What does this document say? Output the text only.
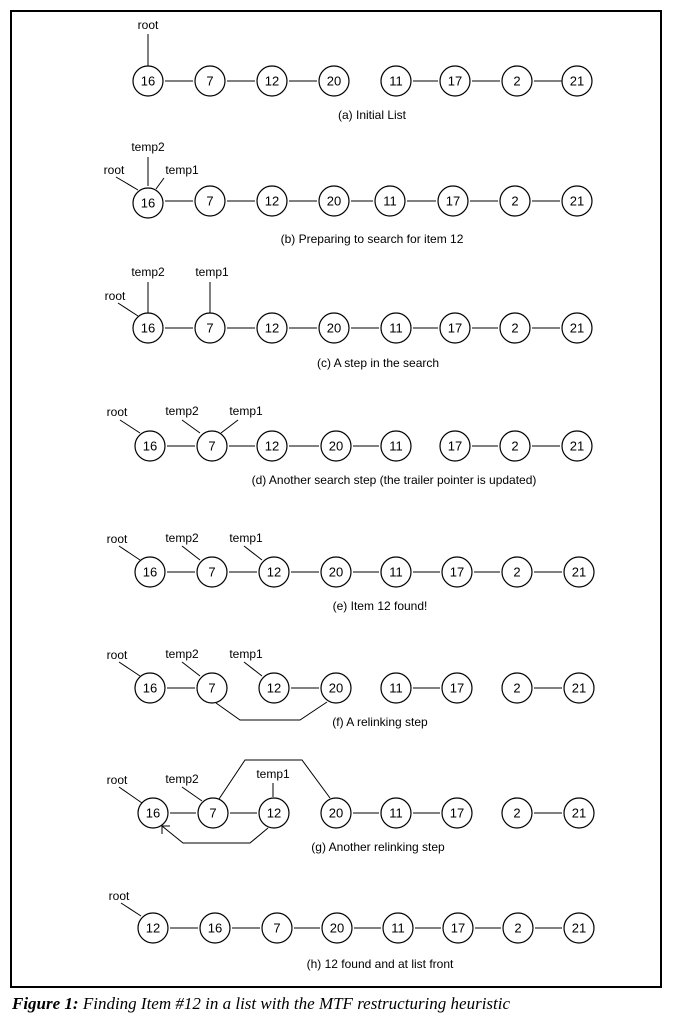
root
16	7	12	20	11	17	2	21
(a) Initial List
temp2
root	temp1
16	7	12	20	11	17	2	21
(b) Preparing to search for item 12
temp2
root
temp1
16	7	12	20	11	17	2	21
(c) A step in the search
root	temp2	temp1
16	7	12	20	11	17	2	21
(d) Another search step (the trailer pointer is updated)
root	temp2	temp1
16	7	12	20	11	17	2	21
(e) Item 12 found!
root	temp2	temp1
16	7	12	20	11	17	2	21
(f) A relinking step
root	temp2	temp1
16	7	12	20	11	17	2	21
(g) Another relinking step
root
12	16	7	20	11	17	2	21
(h) 12 found and at list front
Figure 1: Finding Item #12 in a list with the MTF restructuring heuristic
